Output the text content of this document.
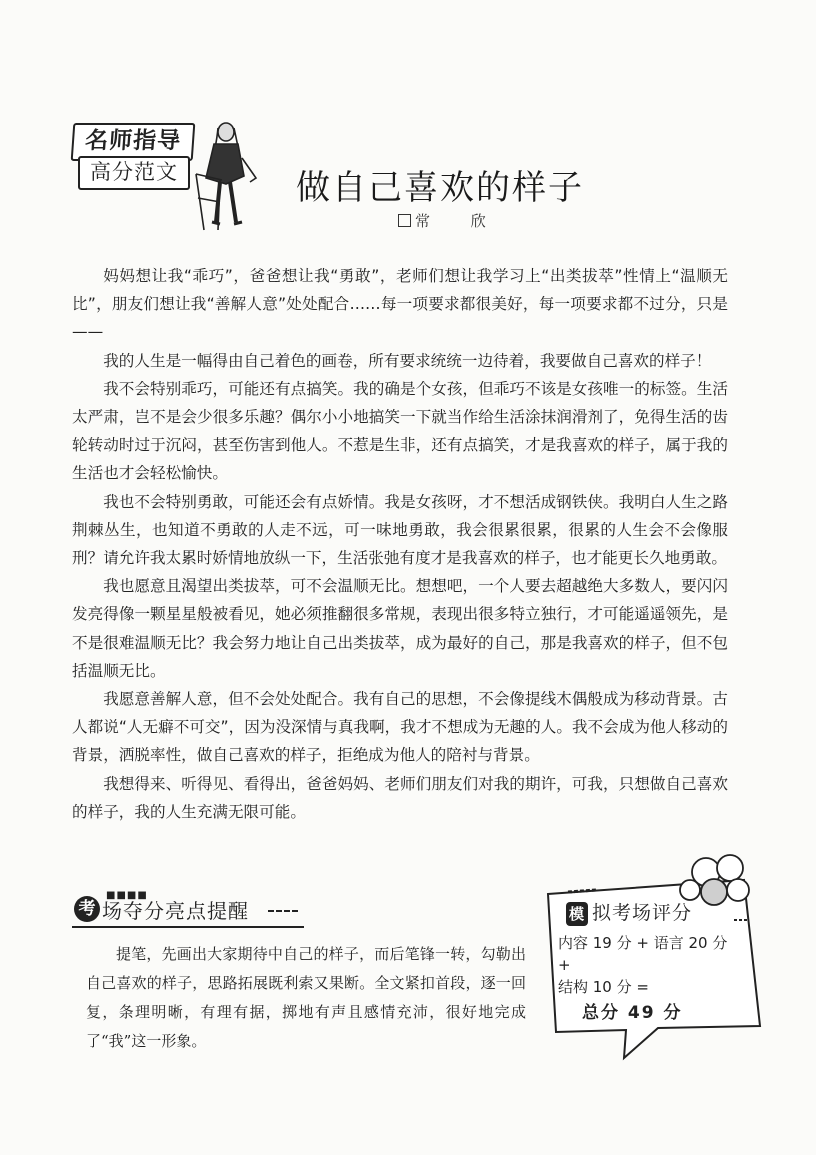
名师指导
高分范文	做自己喜欢的样子
常 欣

妈妈想让我“乖巧”，爸爸想让我“勇敢”，老师们想让我学习上“出类拔萃”性情上“温顺无比”，朋友们想让我“善解人意”处处配合……每一项要求都很美好，每一项要求都不过分，只是——

我的人生是一幅得由自己着色的画卷，所有要求统统一边待着，我要做自己喜欢的样子！

我不会特别乖巧，可能还有点搞笑。我的确是个女孩，但乖巧不该是女孩唯一的标签。生活太严肃，岂不是会少很多乐趣？偶尔小小地搞笑一下就当作给生活涂抹润滑剂了，免得生活的齿轮转动时过于沉闷，甚至伤害到他人。不惹是生非，还有点搞笑，才是我喜欢的样子，属于我的生活也才会轻松愉快。

我也不会特别勇敢，可能还会有点娇情。我是女孩呀，才不想活成钢铁侠。我明白人生之路荆棘丛生，也知道不勇敢的人走不远，可一味地勇敢，我会很累很累，很累的人生会不会像服刑？请允许我太累时娇情地放纵一下，生活张弛有度才是我喜欢的样子，也才能更长久地勇敢。

我也愿意且渴望出类拔萃，可不会温顺无比。想想吧，一个人要去超越绝大多数人，要闪闪发亮得像一颗星星般被看见，她必须推翻很多常规，表现出很多特立独行，才可能遥遥领先，是不是很难温顺无比？我会努力地让自己出类拔萃，成为最好的自己，那是我喜欢的样子，但不包括温顺无比。

我愿意善解人意，但不会处处配合。我有自己的思想，不会像提线木偶般成为移动背景。古人都说“人无癖不可交”，因为没深情与真我啊，我才不想成为无趣的人。我不会成为他人移动的背景，洒脱率性，做自己喜欢的样子，拒绝成为他人的陪衬与背景。

我想得来、听得见、看得出，爸爸妈妈、老师们朋友们对我的期许，可我，只想做自己喜欢的样子，我的人生充满无限可能。

■■■■
考 场夺分亮点提醒

提笔，先画出大家期待中自己的样子，而后笔锋一转，勾勒出自己喜欢的样子，思路拓展既利索又果断。全文紧扣首段，逐一回复，条理明晰，有理有据，掷地有声且感情充沛，很好地完成了“我”这一形象。

模 拟考场评分
内容 19 分 + 语言 20 分 +
结构 10 分 =
总分 49 分
